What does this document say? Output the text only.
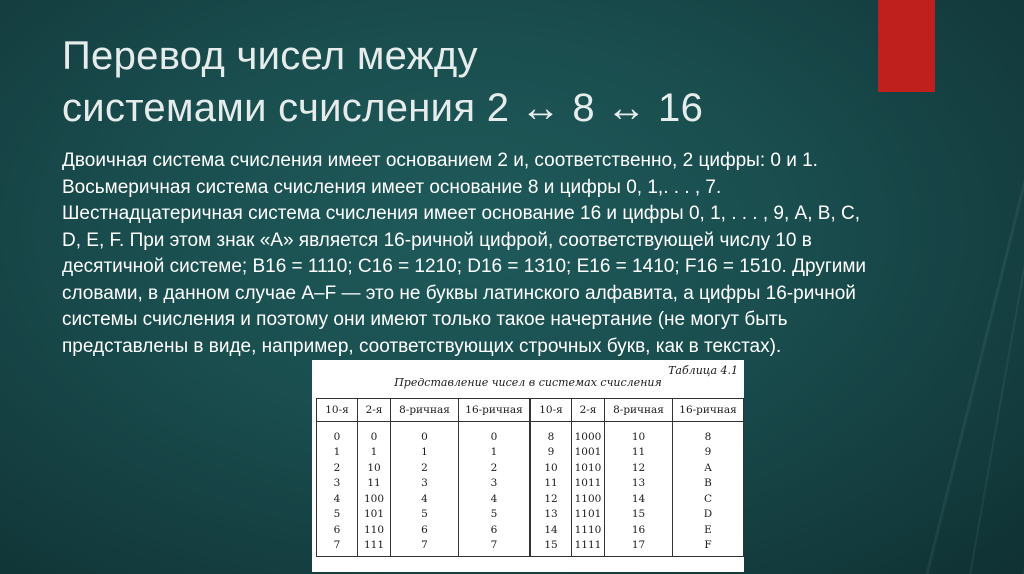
Перевод чисел между
системами счисления 2 ↔ 8 ↔ 16
Двоичная система счисления имеет основанием 2 и, соответственно, 2 цифры: 0 и 1.
Восьмеричная система счисления имеет основание 8 и цифры 0, 1,. . . , 7.
Шестнадцатеричная система счисления имеет основание 16 и цифры 0, 1, . . . , 9, А, В, С,
D, Е, F. При этом знак «А» является 16-ричной цифрой, соответствующей числу 10 в
десятичной системе; В16 = 1110; С16 = 1210; D16 = 1310; Е16 = 1410; F16 = 1510. Другими
словами, в данном случае А–F — это не буквы латинского алфавита, а цифры 16-ричной
системы счисления и поэтому они имеют только такое начертание (не могут быть
представлены в виде, например, соответствующих строчных букв, как в текстах).
Таблица 4.1
Представление чисел в системах счисления
10-я	2-я	8-ричная	16-ричная
0	0	0	0
1	1	1	1
2	10	2	2
3	11	3	3
4	100	4	4
5	101	5	5
6	110	6	6
7	111	7	7
10-я	2-я	8-ричная	16-ричная
8	1000	10	8
9	1001	11	9
10	1010	12	A
11	1011	13	B
12	1100	14	C
13	1101	15	D
14	1110	16	E
15	1111	17	F
